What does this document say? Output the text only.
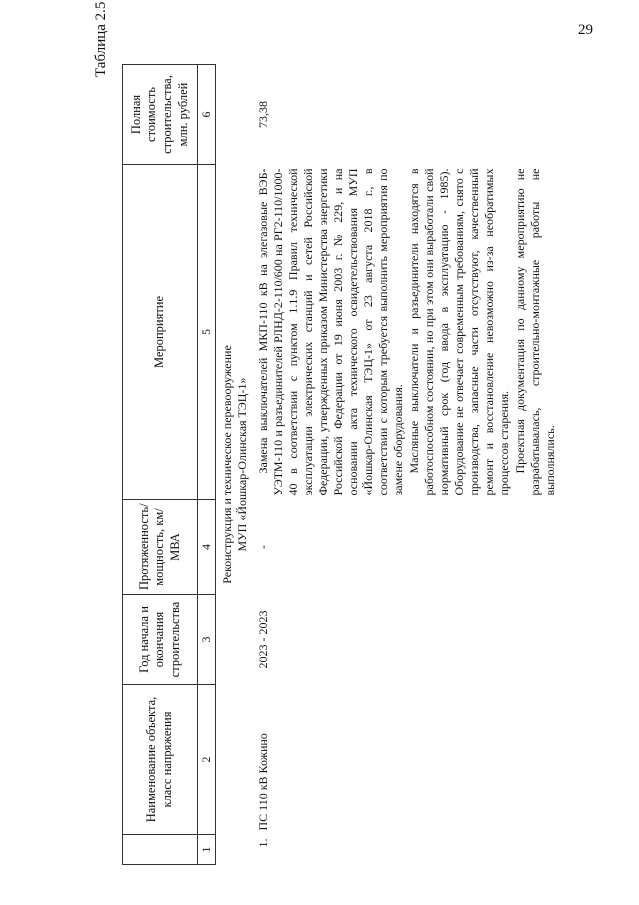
29
Таблица 2.5
	Наименование объекта, класс напряжения	Год начала и окончания строительства	Протяженность/ мощность, км/МВА	Мероприятие	Полная стоимость строительства, млн. рублей
1	2	3	4	5	6

Реконструкция и техническое перевооружение МУП «Йошкар-Олинская ТЭЦ-1»					

1.	ПС 110 кВ Кожино	2023 - 2023	-	Замена выключателей МКП-110 кВ на элегазовые ВЭБ-УЭТМ-110 и разъединителей РЛНД-2-110/600 на РГ2-110/1000-40 в соответствии с пунктом 1.1.9 Правил технической эксплуатации электрических станций и сетей Российской Федерации, утвержденных приказом Министерства энергетики Российской Федерации от 19 июня 2003 г. № 229, и на основании акта технического освидетельствования МУП «Йошкар-Олинская ТЭЦ-1» от 23 августа 2018 г., в соответствии с которым требуется выполнить мероприятия по замене оборудования. Масляные выключатели и разъединители находятся в работоспособном состоянии, но при этом они выработали свой нормативный срок (год ввода в эксплуатацию - 1985). Оборудование не отвечает современным требованиям, снято с производства, запасные части отсутствуют, качественный ремонт и восстановление невозможно из-за необратимых процессов старения. Проектная документация по данному мероприятию не разрабатывалась, строительно-монтажные работы не выполнялись.	73,38
